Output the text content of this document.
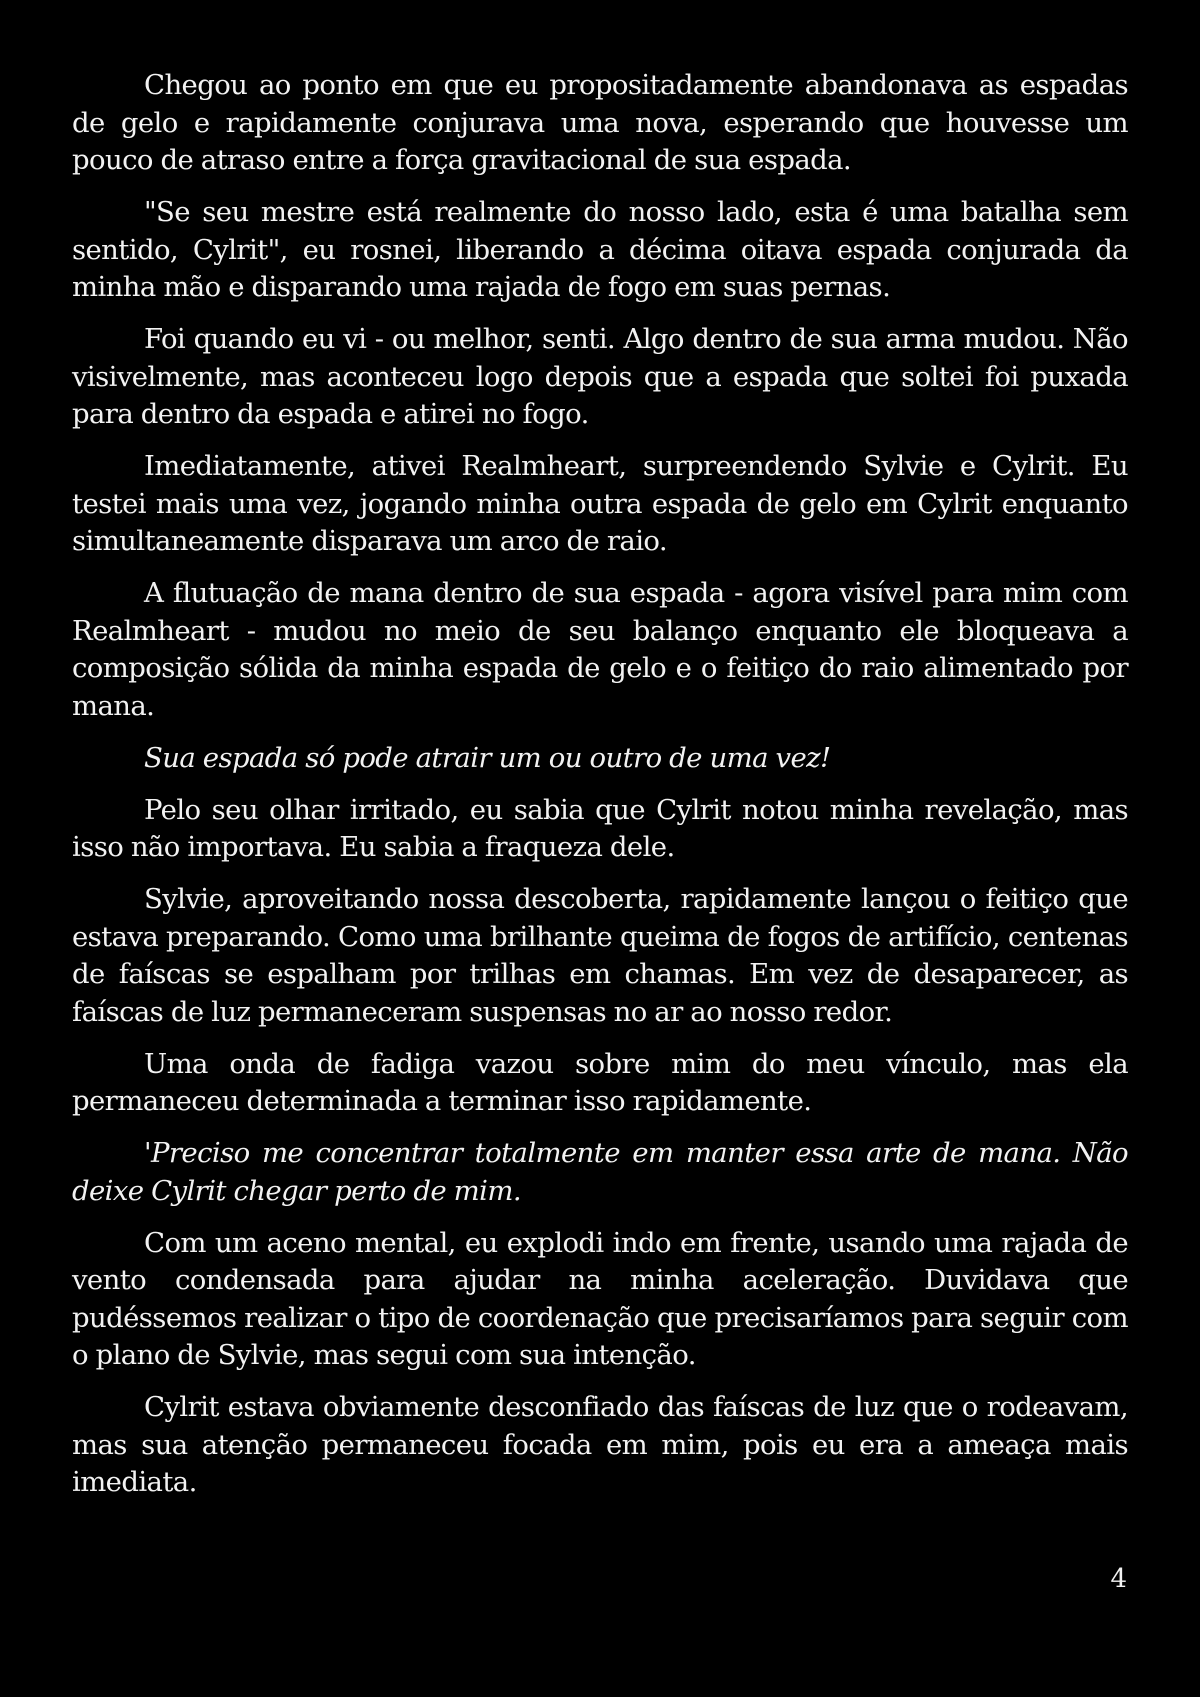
Chegou ao ponto em que eu propositadamente abandonava as espadas de gelo e rapidamente conjurava uma nova, esperando que houvesse um pouco de atraso entre a força gravitacional de sua espada.

"Se seu mestre está realmente do nosso lado, esta é uma batalha sem sentido, Cylrit", eu rosnei, liberando a décima oitava espada conjurada da minha mão e disparando uma rajada de fogo em suas pernas.

Foi quando eu vi - ou melhor, senti. Algo dentro de sua arma mudou. Não visivelmente, mas aconteceu logo depois que a espada que soltei foi puxada para dentro da espada e atirei no fogo.

Imediatamente, ativei Realmheart, surpreendendo Sylvie e Cylrit. Eu testei mais uma vez, jogando minha outra espada de gelo em Cylrit enquanto simultaneamente disparava um arco de raio.

A flutuação de mana dentro de sua espada - agora visível para mim com Realmheart - mudou no meio de seu balanço enquanto ele bloqueava a composição sólida da minha espada de gelo e o feitiço do raio alimentado por mana.

Sua espada só pode atrair um ou outro de uma vez!

Pelo seu olhar irritado, eu sabia que Cylrit notou minha revelação, mas isso não importava. Eu sabia a fraqueza dele.

Sylvie, aproveitando nossa descoberta, rapidamente lançou o feitiço que estava preparando. Como uma brilhante queima de fogos de artifício, centenas de faíscas se espalham por trilhas em chamas. Em vez de desaparecer, as faíscas de luz permaneceram suspensas no ar ao nosso redor.

Uma onda de fadiga vazou sobre mim do meu vínculo, mas ela permaneceu determinada a terminar isso rapidamente.

'Preciso me concentrar totalmente em manter essa arte de mana. Não deixe Cylrit chegar perto de mim.

Com um aceno mental, eu explodi indo em frente, usando uma rajada de vento condensada para ajudar na minha aceleração. Duvidava que pudéssemos realizar o tipo de coordenação que precisaríamos para seguir com o plano de Sylvie, mas segui com sua intenção.

Cylrit estava obviamente desconfiado das faíscas de luz que o rodeavam, mas sua atenção permaneceu focada em mim, pois eu era a ameaça mais imediata.

4
